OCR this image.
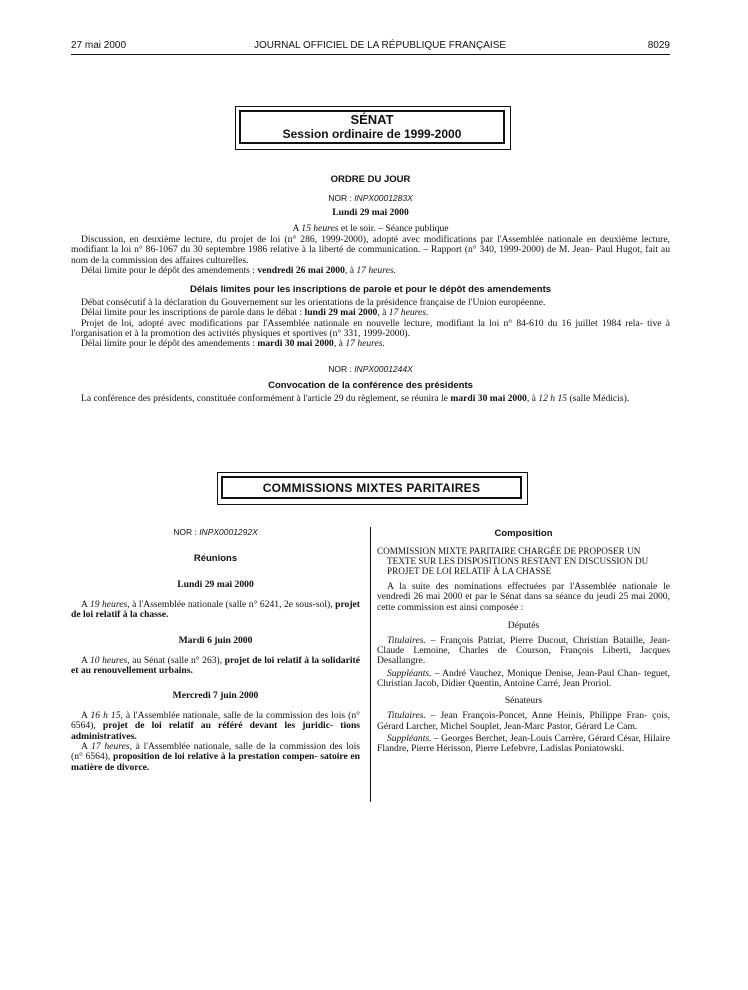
27 mai 2000	JOURNAL OFFICIEL DE LA RÉPUBLIQUE FRANÇAISE	8029
SÉNAT
Session ordinaire de 1999-2000
ORDRE DU JOUR
NOR : INPX0001283X
Lundi 29 mai 2000
A 15 heures et le soir. – Séance publique

Discussion, en deuxième lecture, du projet de loi (n° 286, 1999-2000), adopté avec modifications par l'Assemblée nationale en deuxième lecture, modifiant la loi n° 86-1067 du 30 septembre 1986 relative à la liberté de communication. – Rapport (n° 340, 1999-2000) de M. Jean- Paul Hugot, fait au nom de la commission des affaires culturelles.

Délai limite pour le dépôt des amendements : vendredi 26 mai 2000, à 17 heures.

Délais limites pour les inscriptions de parole et pour le dépôt des amendements

Débat consécutif à la déclaration du Gouvernement sur les orientations de la présidence française de l'Union européenne.

Délai limite pour les inscriptions de parole dans le débat : lundi 29 mai 2000, à 17 heures.

Projet de loi, adopté avec modifications par l'Assemblée nationale en nouvelle lecture, modifiant la loi n° 84-610 du 16 juillet 1984 rela- tive à l'organisation et à la promotion des activités physiques et sportives (n° 331, 1999-2000).

Délai limite pour le dépôt des amendements : mardi 30 mai 2000, à 17 heures.

NOR : INPX0001244X
Convocation de la conférence des présidents

La conférence des présidents, constituée conformément à l'article 29 du règlement, se réunira le mardi 30 mai 2000, à 12 h 15 (salle Médicis).

COMMISSIONS MIXTES PARITAIRES
NOR : INPX0001292X
Réunions
Lundi 29 mai 2000

A 19 heures, à l'Assemblée nationale (salle n° 6241, 2e sous-sol), projet de loi relatif à la chasse.

Mardi 6 juin 2000

A 10 heures, au Sénat (salle n° 263), projet de loi relatif à la solidarité et au renouvellement urbains.

Mercredi 7 juin 2000

A 16 h 15, à l'Assemblée nationale, salle de la commission des lois (n° 6564), projet de loi relatif au référé devant les juridic- tions administratives.

A 17 heures, à l'Assemblée nationale, salle de la commission des lois (n° 6564), proposition de loi relative à la prestation compen- satoire en matière de divorce.

Composition

COMMISSION MIXTE PARITAIRE CHARGÉE DE PROPOSER UN
TEXTE SUR LES DISPOSITIONS RESTANT EN DISCUSSION DU
PROJET DE LOI RELATIF À LA CHASSE

A la suite des nominations effectuées par l'Assemblée nationale le vendredi 26 mai 2000 et par le Sénat dans sa séance du jeudi 25 mai 2000, cette commission est ainsi composée :

Députés

Titulaires. – François Patriat, Pierre Ducout, Christian Bataille, Jean-Claude Lemoine, Charles de Courson, François Liberti, Jacques Desallangre.

Suppléants. – André Vauchez, Monique Denise, Jean-Paul Chan- teguet, Christian Jacob, Didier Quentin, Antoine Carré, Jean Proriol.

Sénateurs

Titulaires. – Jean François-Poncet, Anne Heinis, Philippe Fran- çois, Gérard Larcher, Michel Souplet, Jean-Marc Pastor, Gérard Le Cam.

Suppléants. – Georges Berchet, Jean-Louis Carrère, Gérard César, Hilaire Flandre, Pierre Hérisson, Pierre Lefebvre, Ladislas Poniatowski.
